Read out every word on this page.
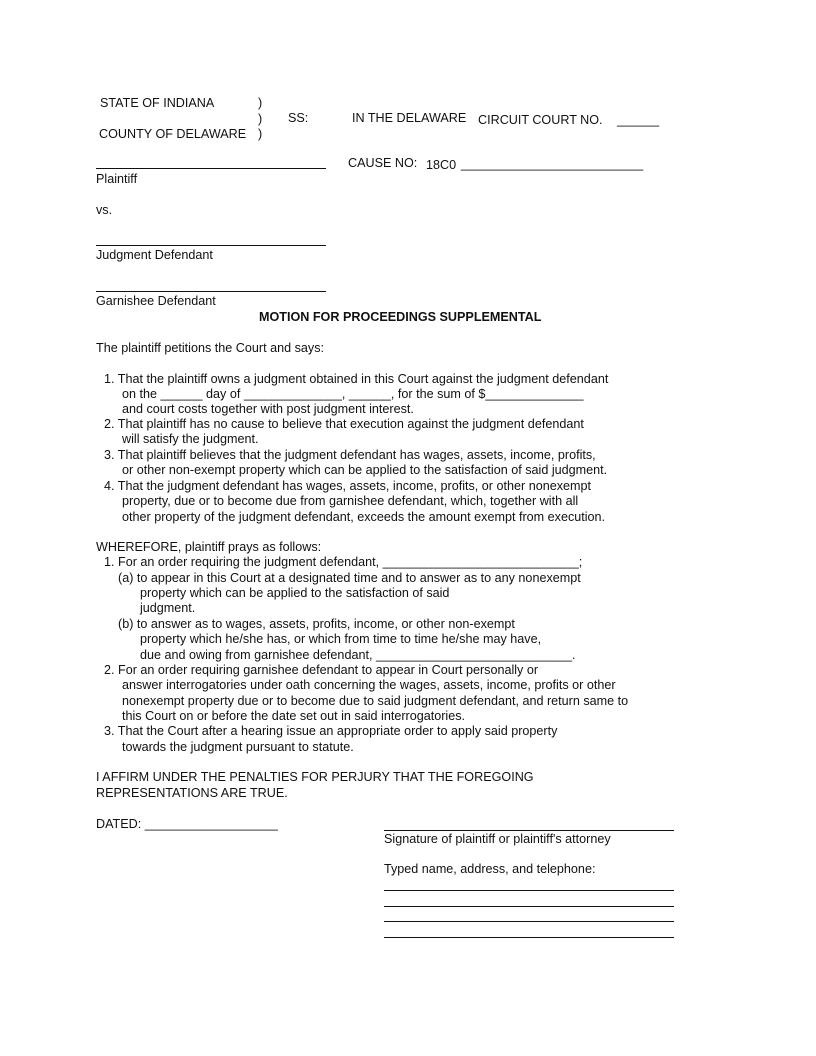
STATE OF INDIANA	)
)
)
COUNTY OF DELAWARE
SS:	IN THE DELAWARE CIRCUIT COURT NO. ______
Plaintiff
CAUSE NO: 18C0 __________________________
vs.
Judgment Defendant
Garnishee Defendant
MOTION FOR PROCEEDINGS SUPPLEMENTAL
The plaintiff petitions the Court and says:
1. That the plaintiff owns a judgment obtained in this Court against the judgment defendant
on the ______ day of ______________, ______, for the sum of $______________
and court costs together with post judgment interest.
2. That plaintiff has no cause to believe that execution against the judgment defendant
will satisfy the judgment.
3. That plaintiff believes that the judgment defendant has wages, assets, income, profits,
or other non-exempt property which can be applied to the satisfaction of said judgment.
4. That the judgment defendant has wages, assets, income, profits, or other nonexempt
property, due or to become due from garnishee defendant, which, together with all
other property of the judgment defendant, exceeds the amount exempt from execution.
WHEREFORE, plaintiff prays as follows:
1. For an order requiring the judgment defendant, ____________________________;
(a) to appear in this Court at a designated time and to answer as to any nonexempt
property which can be applied to the satisfaction of said
judgment.
(b) to answer as to wages, assets, profits, income, or other non-exempt
property which he/she has, or which from time to time he/she may have,
due and owing from garnishee defendant, ____________________________.
2. For an order requiring garnishee defendant to appear in Court personally or
answer interrogatories under oath concerning the wages, assets, income, profits or other
nonexempt property due or to become due to said judgment defendant, and return same to
this Court on or before the date set out in said interrogatories.
3. That the Court after a hearing issue an appropriate order to apply said property
towards the judgment pursuant to statute.
I AFFIRM UNDER THE PENALTIES FOR PERJURY THAT THE FOREGOING
REPRESENTATIONS ARE TRUE.
DATED: ___________________
Signature of plaintiff or plaintiff's attorney
Typed name, address, and telephone:
